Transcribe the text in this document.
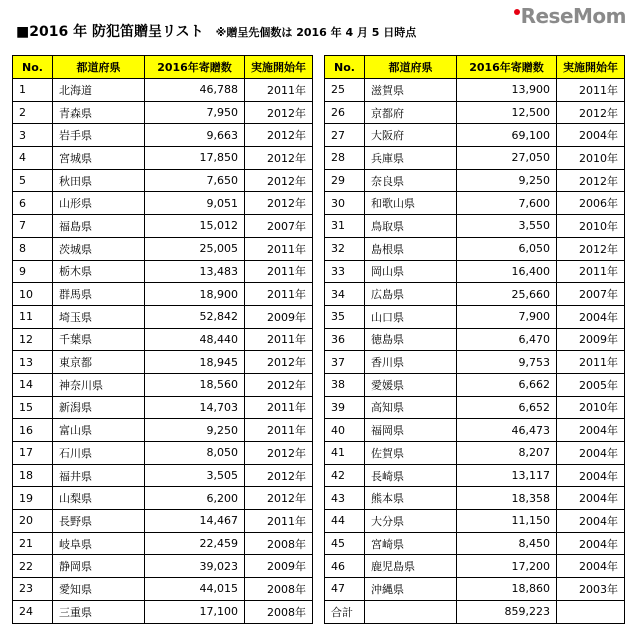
■2016 年 防犯笛贈呈リスト ※贈呈先個数は 2016 年 4 月 5 日時点
ReseMom
No.	都道府県	2016年寄贈数	実施開始年
1	北海道	46,788	2011年
2	青森県	7,950	2012年
3	岩手県	9,663	2012年
4	宮城県	17,850	2012年
5	秋田県	7,650	2012年
6	山形県	9,051	2012年
7	福島県	15,012	2007年
8	茨城県	25,005	2011年
9	栃木県	13,483	2011年
10	群馬県	18,900	2011年
11	埼玉県	52,842	2009年
12	千葉県	48,440	2011年
13	東京都	18,945	2012年
14	神奈川県	18,560	2012年
15	新潟県	14,703	2011年
16	富山県	9,250	2011年
17	石川県	8,050	2012年
18	福井県	3,505	2012年
19	山梨県	6,200	2012年
20	長野県	14,467	2011年
21	岐阜県	22,459	2008年
22	静岡県	39,023	2009年
23	愛知県	44,015	2008年
24	三重県	17,100	2008年
No.	都道府県	2016年寄贈数	実施開始年
25	滋賀県	13,900	2011年
26	京都府	12,500	2012年
27	大阪府	69,100	2004年
28	兵庫県	27,050	2010年
29	奈良県	9,250	2012年
30	和歌山県	7,600	2006年
31	鳥取県	3,550	2010年
32	島根県	6,050	2012年
33	岡山県	16,400	2011年
34	広島県	25,660	2007年
35	山口県	7,900	2004年
36	徳島県	6,470	2009年
37	香川県	9,753	2011年
38	愛媛県	6,662	2005年
39	高知県	6,652	2010年
40	福岡県	46,473	2004年
41	佐賀県	8,207	2004年
42	長崎県	13,117	2004年
43	熊本県	18,358	2004年
44	大分県	11,150	2004年
45	宮崎県	8,450	2004年
46	鹿児島県	17,200	2004年
47	沖縄県	18,860	2003年
合計		859,223	
